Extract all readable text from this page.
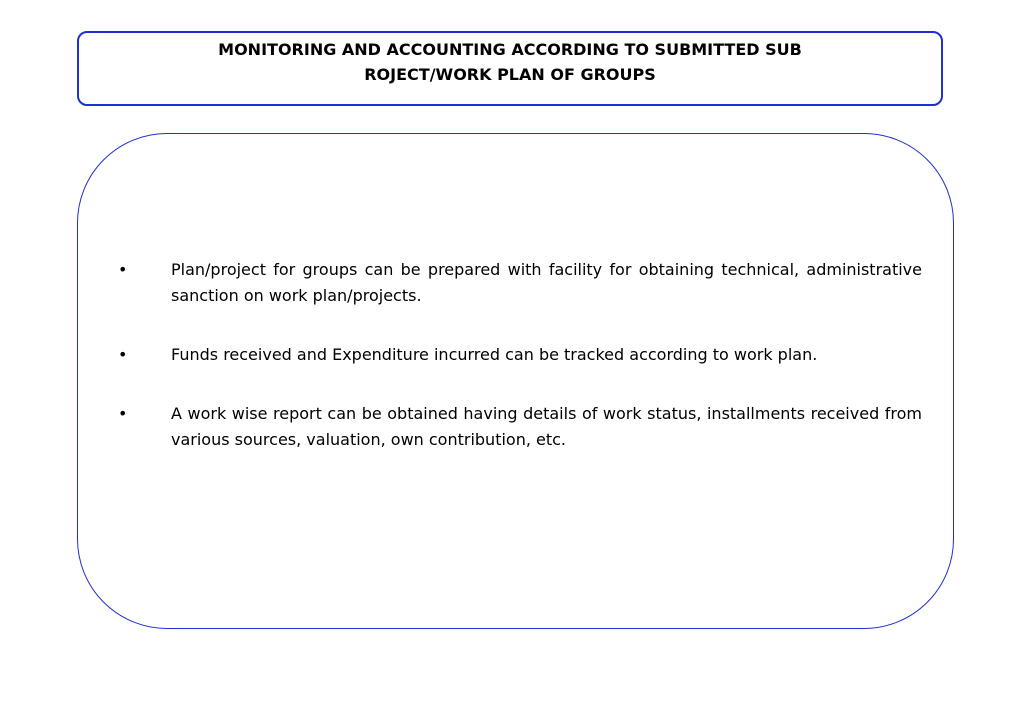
MONITORING AND ACCOUNTING ACCORDING TO SUBMITTED SUB
ROJECT/WORK PLAN OF GROUPS
•	Plan/project for groups can be prepared with facility for obtaining technical, administrative sanction on work plan/projects.
•	Funds received and Expenditure incurred can be tracked according to work plan.
•	A work wise report can be obtained having details of work status, installments received from various sources, valuation, own contribution, etc.
